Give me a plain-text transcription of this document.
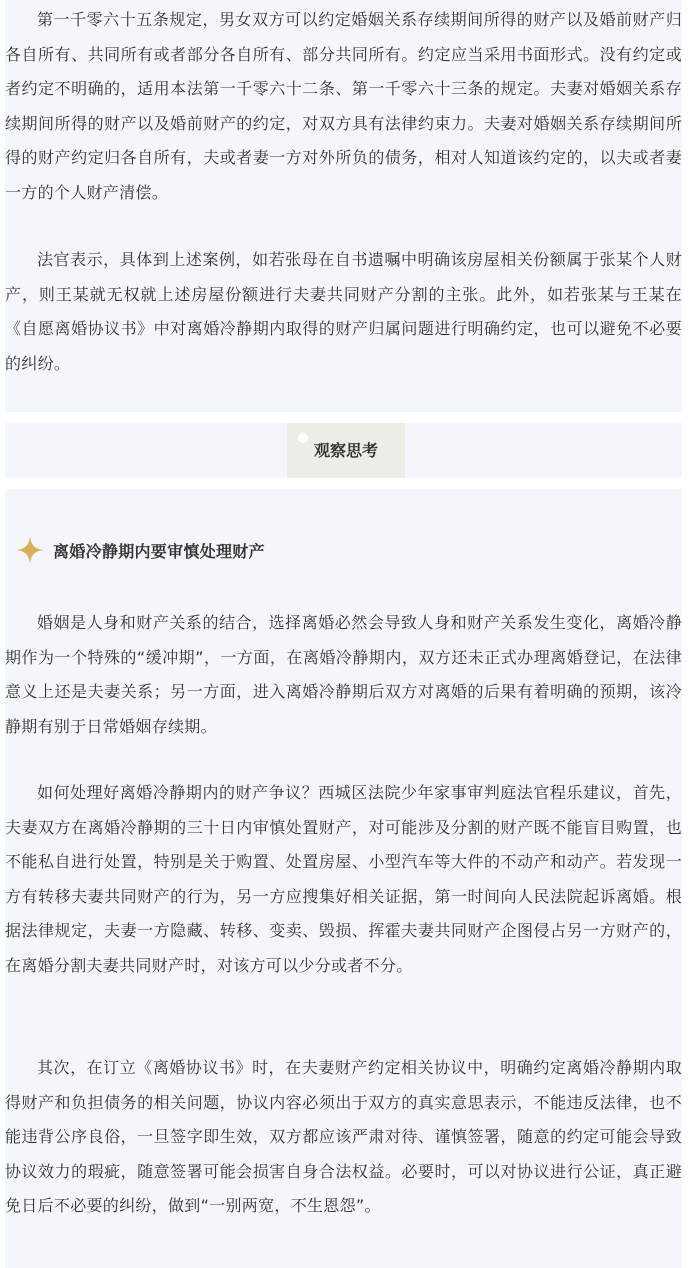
第一千零六十五条规定，男女双方可以约定婚姻关系存续期间所得的财产以及婚前财产归各自所有、共同所有或者部分各自所有、部分共同所有。约定应当采用书面形式。没有约定或者约定不明确的，适用本法第一千零六十二条、第一千零六十三条的规定。夫妻对婚姻关系存续期间所得的财产以及婚前财产的约定，对双方具有法律约束力。夫妻对婚姻关系存续期间所得的财产约定归各自所有，夫或者妻一方对外所负的债务，相对人知道该约定的，以夫或者妻一方的个人财产清偿。

法官表示，具体到上述案例，如若张母在自书遗嘱中明确该房屋相关份额属于张某个人财产，则王某就无权就上述房屋份额进行夫妻共同财产分割的主张。此外，如若张某与王某在《自愿离婚协议书》中对离婚冷静期内取得的财产归属问题进行明确约定，也可以避免不必要的纠纷。

观察思考
离婚冷静期内要审慎处理财产

婚姻是人身和财产关系的结合，选择离婚必然会导致人身和财产关系发生变化，离婚冷静期作为一个特殊的“缓冲期”，一方面，在离婚冷静期内，双方还未正式办理离婚登记，在法律意义上还是夫妻关系；另一方面，进入离婚冷静期后双方对离婚的后果有着明确的预期，该冷静期有别于日常婚姻存续期。

如何处理好离婚冷静期内的财产争议？西城区法院少年家事审判庭法官程乐建议，首先，夫妻双方在离婚冷静期的三十日内审慎处置财产，对可能涉及分割的财产既不能盲目购置，也不能私自进行处置，特别是关于购置、处置房屋、小型汽车等大件的不动产和动产。若发现一方有转移夫妻共同财产的行为，另一方应搜集好相关证据，第一时间向人民法院起诉离婚。根据法律规定，夫妻一方隐藏、转移、变卖、毁损、挥霍夫妻共同财产企图侵占另一方财产的，在离婚分割夫妻共同财产时，对该方可以少分或者不分。

其次，在订立《离婚协议书》时，在夫妻财产约定相关协议中，明确约定离婚冷静期内取得财产和负担债务的相关问题，协议内容必须出于双方的真实意思表示，不能违反法律，也不能违背公序良俗，一旦签字即生效，双方都应该严肃对待、谨慎签署，随意的约定可能会导致协议效力的瑕疵，随意签署可能会损害自身合法权益。必要时，可以对协议进行公证，真正避免日后不必要的纠纷，做到“一别两宽，不生恩怨”。
